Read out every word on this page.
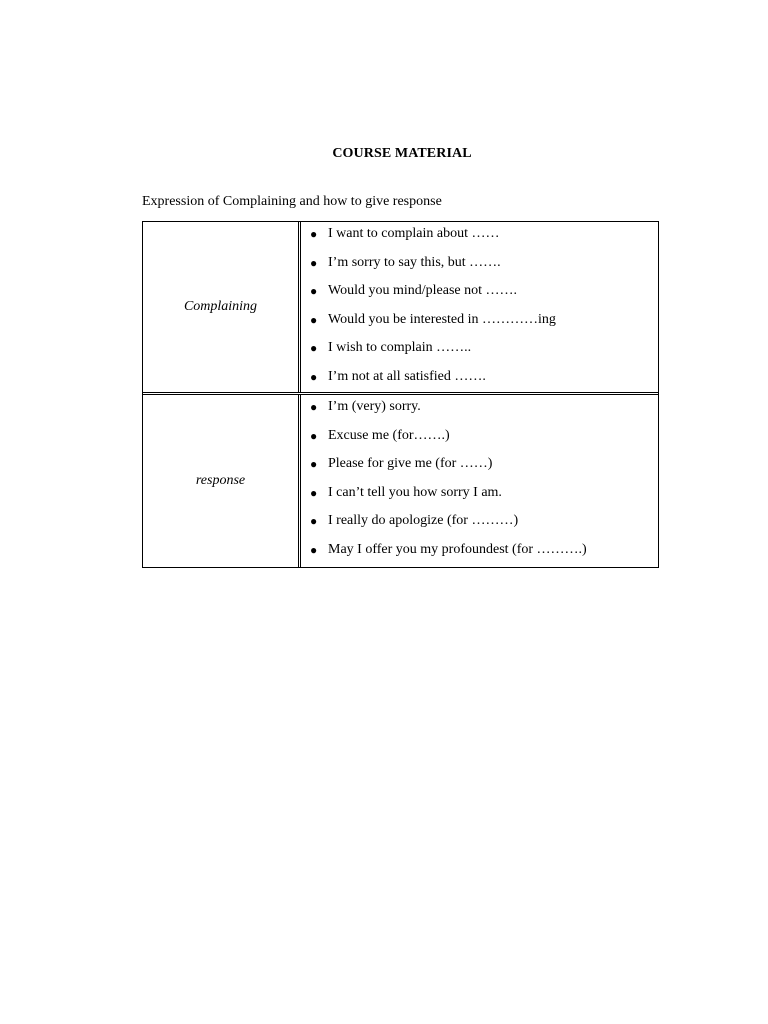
COURSE MATERIAL
Expression of Complaining and how to give response
Complaining
● I want to complain about ……
● I’m sorry to say this, but …….
● Would you mind/please not …….
● Would you be interested in …………ing
● I wish to complain ……..
● I’m not at all satisfied …….
response
● I’m (very) sorry.
● Excuse me (for…….)
● Please for give me (for ……)
● I can’t tell you how sorry I am.
● I really do apologize (for ………)
● May I offer you my profoundest (for ……….)
